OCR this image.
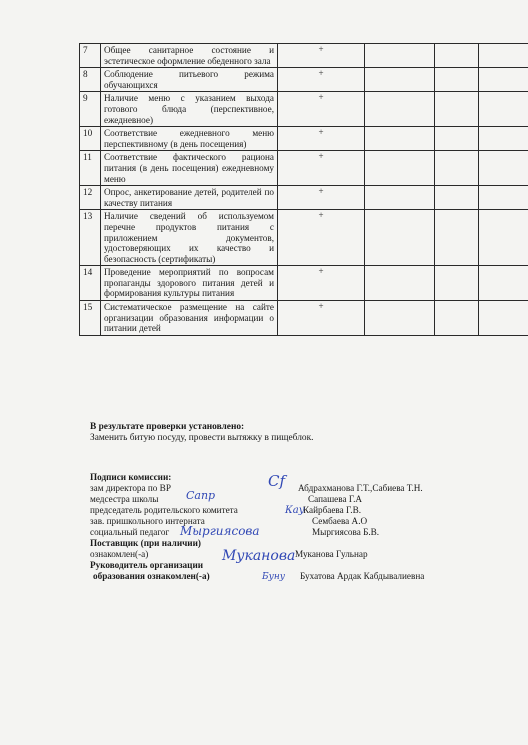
7	Общее санитарное состояние и эстетическое оформление обеденного зала	+			
8	Соблюдение питьевого режима обучающихся	+			
9	Наличие меню с указанием выхода готового блюда (перспективное, ежедневное)	+			
10	Соответствие ежедневного меню перспективному (в день посещения)	+			
11	Соответствие фактического рациона питания (в день посещения) ежедневному меню	+			
12	Опрос, анкетирование детей, родителей по качеству питания	+			
13	Наличие сведений об используемом перечне продуктов питания с приложением документов, удостоверяющих их качество и безопасность (сертификаты)	+			
14	Проведение мероприятий по вопросам пропаганды здорового питания детей и формирования культуры питания	+			
15	Систематическое размещение на сайте организации образования информации о питании детей	+			
В результате проверки установлено:
Заменить битую посуду, провести вытяжку в пищеблок.
Подписи комиссии:
зам директора по ВР	Абдрахманова Г.Т.,Сабиева Т.Н.
медсестра школы	Сапашева Г.А
председатель родительского комитета	Кайрбаева Г.В.
зав. пришкольного интерната	Сембаева А.О
социальный педагог	Мыргиясова Б.В.
Поставщик (при наличии)
ознакомлен(-а)	Муканова Гульнар
Руководитель организации
образования ознакомлен(-а)	Бухатова Ардак Кабдывалиевна
Cf
Сапр
Кау
Мыргиясова
Муканова
Буну
